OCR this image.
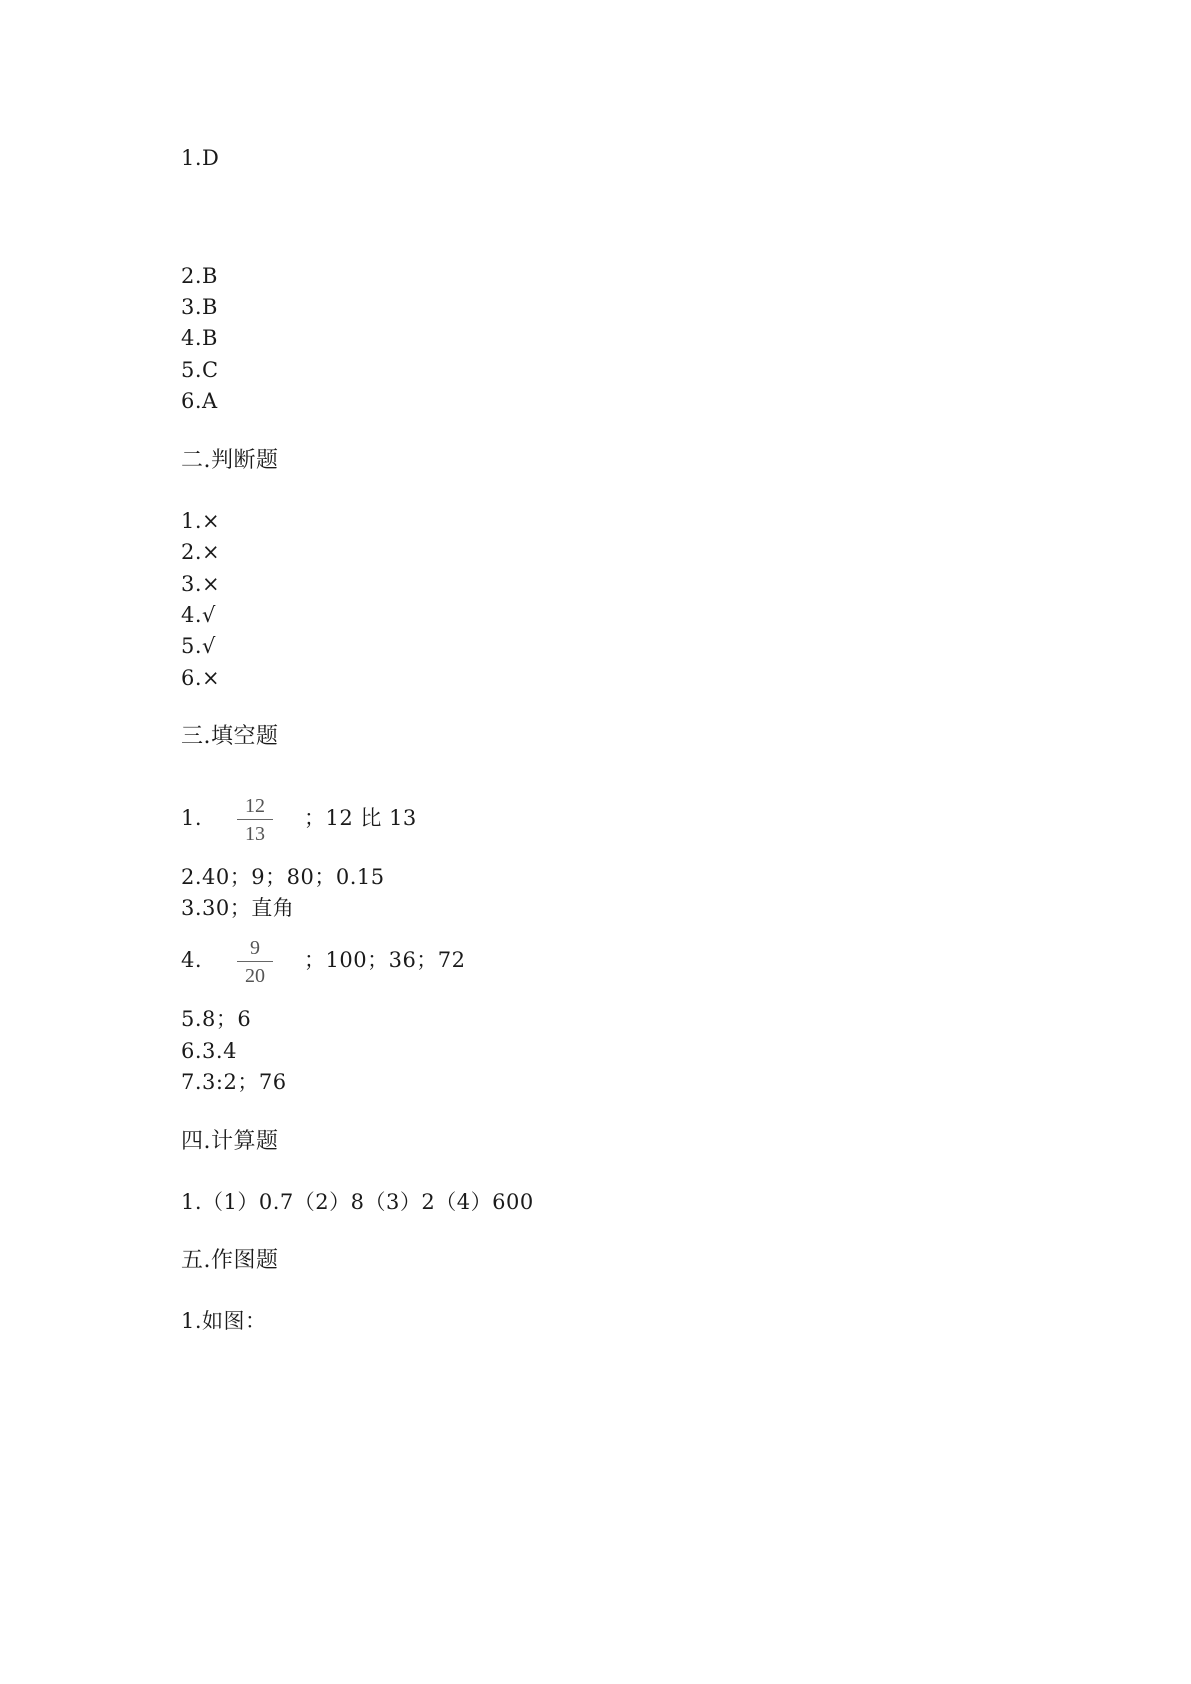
1.D
2.B
3.B
4.B
5.C
6.A
二.判断题
1.×
2.×
3.×
4.√
5.√
6.×
三.填空题
1.	12
13
；12 比 13
2.40；9；80；0.15
3.30；直角
4.	9
20
；100；36；72
5.8；6
6.3.4
7.3:2；76
四.计算题
1.（1）0.7（2）8（3）2（4）600
五.作图题
1.如图：
